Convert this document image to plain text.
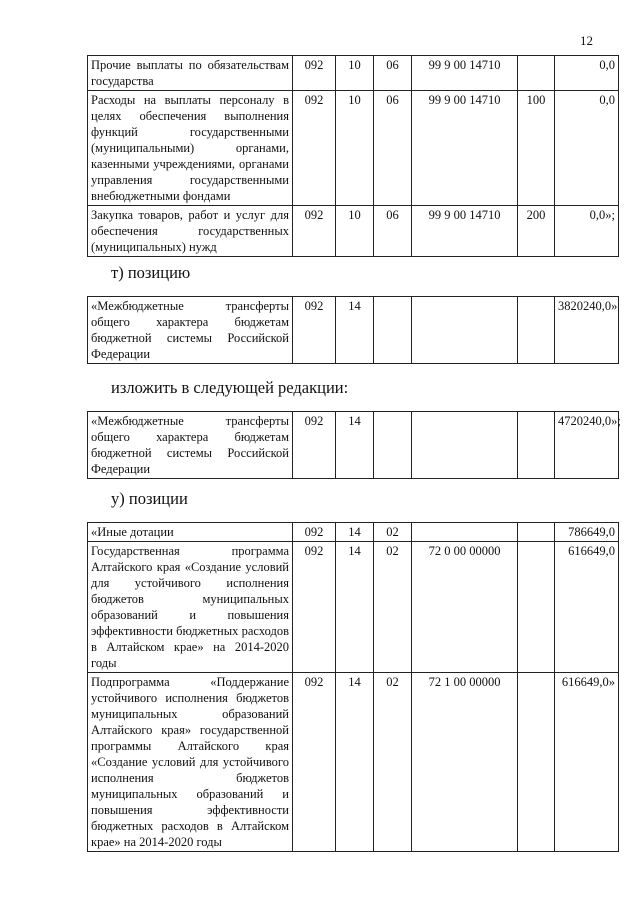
12
Прочие выплаты по обязательствам государства	092	10	06	99 9 00 14710		0,0
Расходы на выплаты персоналу в целях обеспечения выполнения функций государственными (муниципальными) органами, казенными учреждениями, органами управления государственными внебюджетными фондами	092	10	06	99 9 00 14710	100	0,0
Закупка товаров, работ и услуг для обеспечения государственных (муниципальных) нужд	092	10	06	99 9 00 14710	200	0,0»;
т) позицию
«Межбюджетные трансферты общего характера бюджетам бюджетной системы Российской Федерации	092	14				3820240,0»
изложить в следующей редакции:
«Межбюджетные трансферты общего характера бюджетам бюджетной системы Российской Федерации	092	14				4720240,0»;
у) позиции
«Иные дотации	092	14	02			786649,0
Государственная программа Алтайского края «Создание условий для устойчивого исполнения бюджетов муниципальных образований и повышения эффективности бюджетных расходов в Алтайском крае» на 2014-2020 годы	092	14	02	72 0 00 00000		616649,0
Подпрограмма «Поддержание устойчивого исполнения бюджетов муниципальных образований Алтайского края» государственной программы Алтайского края «Создание условий для устойчивого исполнения бюджетов муниципальных образований и повышения эффективности бюджетных расходов в Алтайском крае» на 2014-2020 годы	092	14	02	72 1 00 00000		616649,0»
